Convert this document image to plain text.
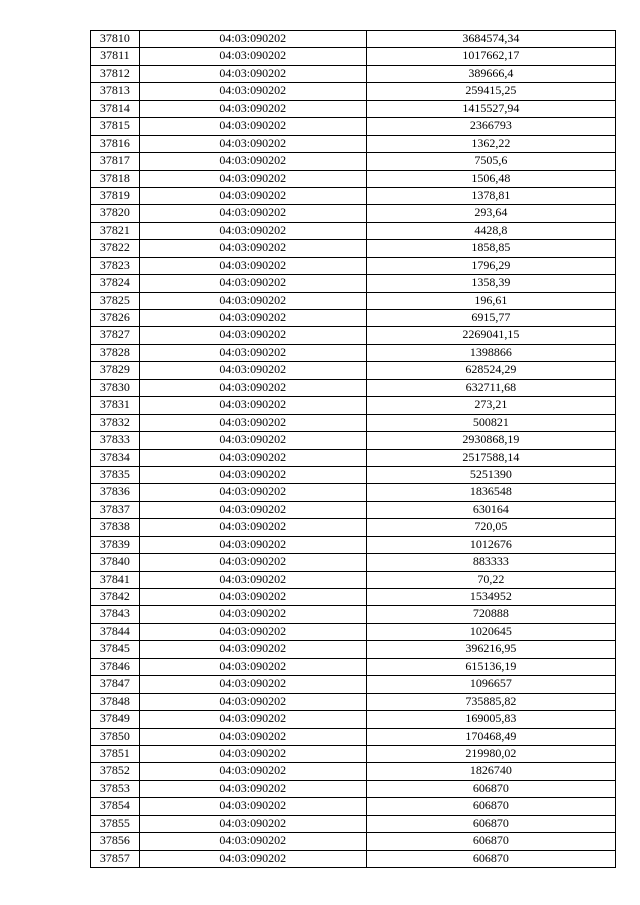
37810	04:03:090202	3684574,34
37811	04:03:090202	1017662,17
37812	04:03:090202	389666,4
37813	04:03:090202	259415,25
37814	04:03:090202	1415527,94
37815	04:03:090202	2366793
37816	04:03:090202	1362,22
37817	04:03:090202	7505,6
37818	04:03:090202	1506,48
37819	04:03:090202	1378,81
37820	04:03:090202	293,64
37821	04:03:090202	4428,8
37822	04:03:090202	1858,85
37823	04:03:090202	1796,29
37824	04:03:090202	1358,39
37825	04:03:090202	196,61
37826	04:03:090202	6915,77
37827	04:03:090202	2269041,15
37828	04:03:090202	1398866
37829	04:03:090202	628524,29
37830	04:03:090202	632711,68
37831	04:03:090202	273,21
37832	04:03:090202	500821
37833	04:03:090202	2930868,19
37834	04:03:090202	2517588,14
37835	04:03:090202	5251390
37836	04:03:090202	1836548
37837	04:03:090202	630164
37838	04:03:090202	720,05
37839	04:03:090202	1012676
37840	04:03:090202	883333
37841	04:03:090202	70,22
37842	04:03:090202	1534952
37843	04:03:090202	720888
37844	04:03:090202	1020645
37845	04:03:090202	396216,95
37846	04:03:090202	615136,19
37847	04:03:090202	1096657
37848	04:03:090202	735885,82
37849	04:03:090202	169005,83
37850	04:03:090202	170468,49
37851	04:03:090202	219980,02
37852	04:03:090202	1826740
37853	04:03:090202	606870
37854	04:03:090202	606870
37855	04:03:090202	606870
37856	04:03:090202	606870
37857	04:03:090202	606870
